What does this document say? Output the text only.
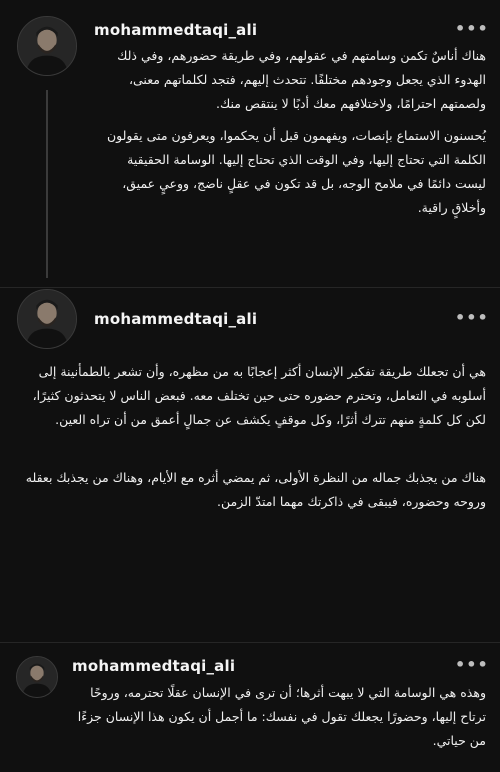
mohammedtaqi_ali	•••

هناك أناسٌ تكمن وسامتهم في عقولهم، وفي طريقة حضورهم، وفي ذلك الهدوء الذي يجعل وجودهم مختلفًا. تتحدث إليهم، فتجد لكلماتهم معنى، ولصمتهم احترامًا، ولاختلافهم معك أدبًا لا ينتقص منك.

يُحسنون الاستماع بإنصات، ويفهمون قبل أن يحكموا، ويعرفون متى يقولون الكلمة التي تحتاج إليها، وفي الوقت الذي تحتاج إليها. الوسامة الحقيقية ليست دائمًا في ملامح الوجه، بل قد تكون في عقلٍ ناضج، ووعيٍ عميق، وأخلاقٍ راقية.

mohammedtaqi_ali	•••

هي أن تجعلك طريقة تفكير الإنسان أكثر إعجابًا به من مظهره، وأن تشعر بالطمأنينة إلى أسلوبه في التعامل، وتحترم حضوره حتى حين تختلف معه. فبعض الناس لا يتحدثون كثيرًا، لكن كل كلمةٍ منهم تترك أثرًا، وكل موقفٍ يكشف عن جمالٍ أعمق من أن تراه العين.

هناك من يجذبك جماله من النظرة الأولى، ثم يمضي أثره مع الأيام، وهناك من يجذبك بعقله وروحه وحضوره، فيبقى في ذاكرتك مهما امتدّ الزمن.

mohammedtaqi_ali	•••

وهذه هي الوسامة التي لا يبهت أثرها؛ أن ترى في الإنسان عقلًا تحترمه، وروحًا ترتاح إليها، وحضورًا يجعلك تقول في نفسك: ما أجمل أن يكون هذا الإنسان جزءًا من حياتي.
